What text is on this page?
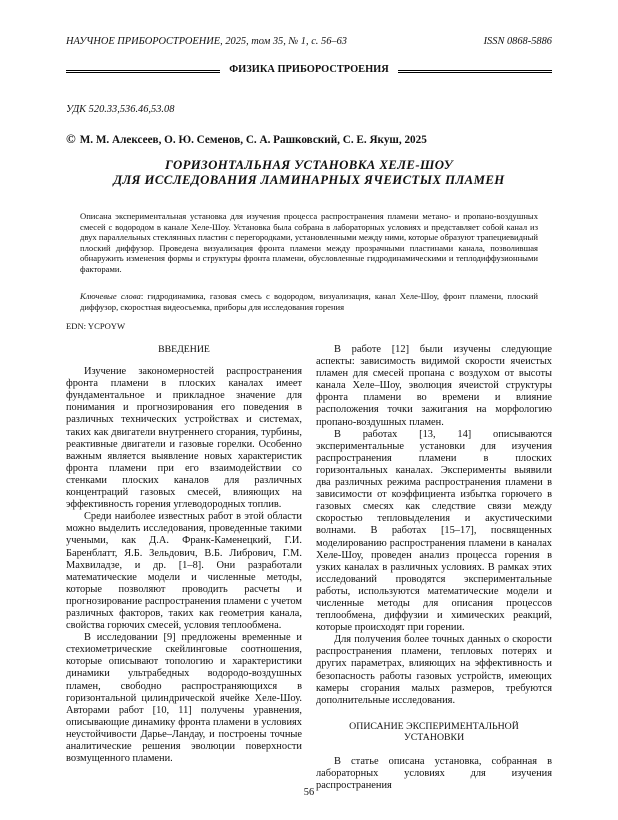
НАУЧНОЕ ПРИБОРОСТРОЕНИЕ, 2025, том 35, № 1, с. 56–63	ISSN 0868-5886
ФИЗИКА ПРИБОРОСТРОЕНИЯ
УДК 520.33,536.46,53.08
© М. М. Алексеев, О. Ю. Семенов, С. А. Рашковский, С. Е. Якуш, 2025
ГОРИЗОНТАЛЬНАЯ УСТАНОВКА ХЕЛЕ-ШОУ
ДЛЯ ИССЛЕДОВАНИЯ ЛАМИНАРНЫХ ЯЧЕИСТЫХ ПЛАМЕН
Описана экспериментальная установка для изучения процесса распространения пламени метано- и пропано-воздушных смесей с водородом в канале Хеле-Шоу. Установка была собрана в лабораторных условиях и представляет собой канал из двух параллельных стеклянных пластин с перегородками, установленными между ними, которые образуют трапециевидный плоский диффузор. Проведена визуализация фронта пламени между прозрачными пластинами канала, позволившая обнаружить изменения формы и структуры фронта пламени, обусловленные гидродинамическими и теплодиффузионными факторами.
Ключевые слова: гидродинамика, газовая смесь с водородом, визуализация, канал Хеле-Шоу, фронт пламени, плоский диффузор, скоростная видеосъемка, приборы для исследования горения
EDN: YCPOYW
ВВЕДЕНИЕ

Изучение закономерностей распространения фронта пламени в плоских каналах имеет фундаментальное и прикладное значение для понимания и прогнозирования его поведения в различных технических устройствах и системах, таких как двигатели внутреннего сгорания, турбины, реактивные двигатели и газовые горелки. Особенно важным является выявление новых характеристик фронта пламени при его взаимодействии со стенками плоских каналов для различных концентраций газовых смесей, влияющих на эффективность горения углеводородных топлив.

Среди наиболее известных работ в этой области можно выделить исследования, проведенные такими учеными, как Д.А. Франк-Каменецкий, Г.И. Баренблатт, Я.Б. Зельдович, В.Б. Либрович, Г.М. Махвиладзе, и др. [1–8]. Они разработали математические модели и численные методы, которые позволяют проводить расчеты и прогнозирование распространения пламени с учетом различных факторов, таких как геометрия канала, свойства горючих смесей, условия теплообмена.

В исследовании [9] предложены временные и стехиометрические скейлинговые соотношения, которые описывают топологию и характеристики динамики ультрабедных водородо-воздушных пламен, свободно распространяющихся в горизонтальной цилиндрической ячейке Хеле-Шоу. Авторами работ [10, 11] получены уравнения, описывающие динамику фронта пламени в условиях неустойчивости Дарье–Ландау, и построены точные аналитические решения эволюции поверхности возмущенного пламени.

В работе [12] были изучены следующие аспекты: зависимость видимой скорости ячеистых пламен для смесей пропана с воздухом от высоты канала Хеле–Шоу, эволюция ячеистой структуры фронта пламени во времени и влияние расположения точки зажигания на морфологию пропано-воздушных пламен.

В работах [13, 14] описываются экспериментальные установки для изучения распространения пламени в плоских горизонтальных каналах. Эксперименты выявили два различных режима распространения пламени в зависимости от коэффициента избытка горючего в газовых смесях как следствие связи между скоростью тепловыделения и акустическими волнами. В работах [15–17], посвященных моделированию распространения пламени в каналах Хеле-Шоу, проведен анализ процесса горения в узких каналах в различных условиях. В рамках этих исследований проводятся экспериментальные работы, используются математические модели и численные методы для описания процессов теплообмена, диффузии и химических реакций, которые происходят при горении.

Для получения более точных данных о скорости распространения пламени, тепловых потерях и других параметрах, влияющих на эффективность и безопасность работы газовых устройств, имеющих камеры сгорания малых размеров, требуются дополнительные исследования.

ОПИСАНИЕ ЭКСПЕРИМЕНТАЛЬНОЙ
УСТАНОВКИ

В статье описана установка, собранная в лабораторных условиях для изучения распространения

56
